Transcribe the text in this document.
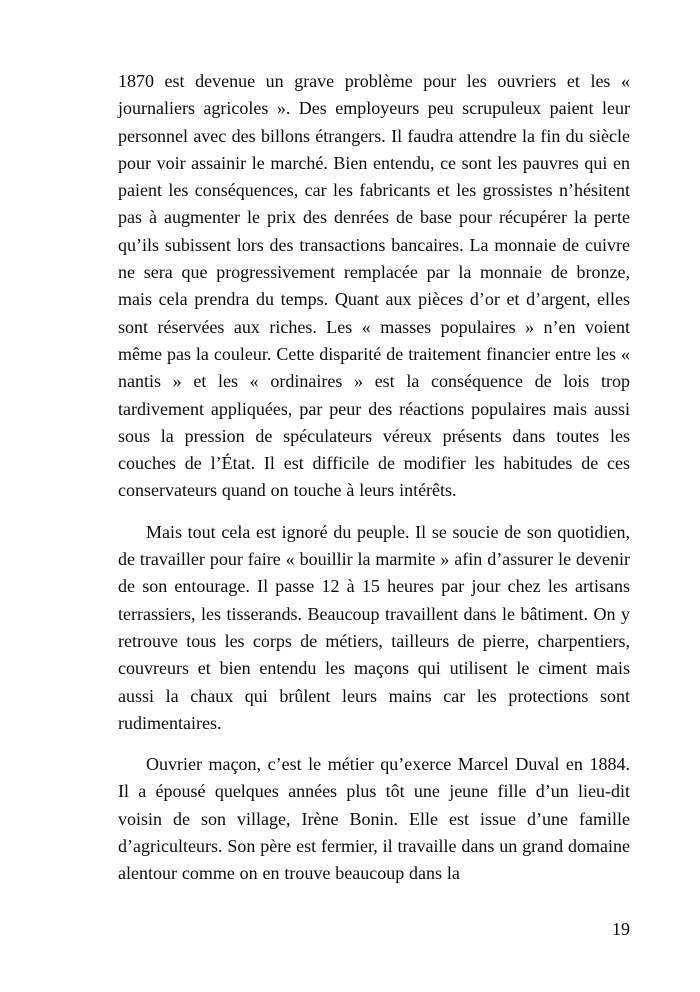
1870 est devenue un grave problème pour les ouvriers et les « journaliers agricoles ». Des employeurs peu scrupuleux paient leur personnel avec des billons étrangers. Il faudra attendre la fin du siècle pour voir assainir le marché. Bien entendu, ce sont les pauvres qui en paient les conséquences, car les fabricants et les grossistes n’hésitent pas à augmenter le prix des denrées de base pour récupérer la perte qu’ils subissent lors des transactions bancaires. La monnaie de cuivre ne sera que progressivement remplacée par la monnaie de bronze, mais cela prendra du temps. Quant aux pièces d’or et d’argent, elles sont réservées aux riches. Les « masses populaires » n’en voient même pas la couleur. Cette disparité de traitement financier entre les « nantis » et les « ordinaires » est la conséquence de lois trop tardivement appliquées, par peur des réactions populaires mais aussi sous la pression de spéculateurs véreux présents dans toutes les couches de l’État. Il est difficile de modifier les habitudes de ces conservateurs quand on touche à leurs intérêts.

Mais tout cela est ignoré du peuple. Il se soucie de son quotidien, de travailler pour faire « bouillir la marmite » afin d’assurer le devenir de son entourage. Il passe 12 à 15 heures par jour chez les artisans terrassiers, les tisserands. Beaucoup travaillent dans le bâtiment. On y retrouve tous les corps de métiers, tailleurs de pierre, charpentiers, couvreurs et bien entendu les maçons qui utilisent le ciment mais aussi la chaux qui brûlent leurs mains car les protections sont rudimentaires.

Ouvrier maçon, c’est le métier qu’exerce Marcel Duval en 1884. Il a épousé quelques années plus tôt une jeune fille d’un lieu-dit voisin de son village, Irène Bonin. Elle est issue d’une famille d’agriculteurs. Son père est fermier, il travaille dans un grand domaine alentour comme on en trouve beaucoup dans la

19
